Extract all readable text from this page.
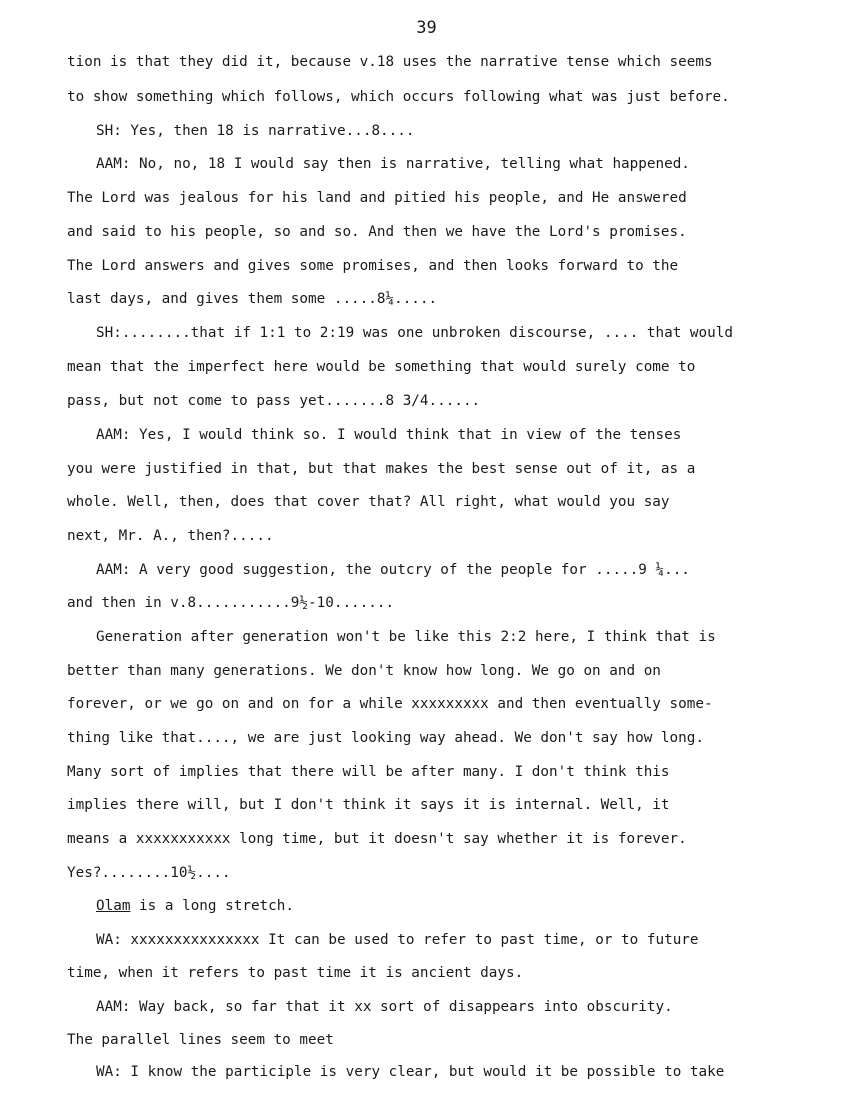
39
tion is that they did it, because v.18 uses the narrative tense which seems
to show something which follows, which occurs following what was just before.
SH: Yes, then 18 is narrative...8....
AAM: No, no, 18 I would say then is narrative, telling what happened.
The Lord was jealous for his land and pitied his people, and He answered
and said to his people, so and so. And then we have the Lord's promises.
The Lord answers and gives some promises, and then looks forward to the
last days, and gives them some .....8¼.....
SH:........that if 1:1 to 2:19 was one unbroken discourse, .... that would
mean that the imperfect here would be something that would surely come to
pass, but not come to pass yet.......8 3/4......
AAM: Yes, I would think so. I would think that in view of the tenses
you were justified in that, but that makes the best sense out of it, as a
whole. Well, then, does that cover that? All right, what would you say
next, Mr. A., then?.....
AAM: A very good suggestion, the outcry of the people for .....9 ¼...
and then in v.8...........9½-10.......
Generation after generation won't be like this 2:2 here, I think that is
better than many generations. We don't know how long. We go on and on
forever, or we go on and on for a while xxxxxxxxx and then eventually some-
thing like that...., we are just looking way ahead. We don't say how long.
Many sort of implies that there will be after many. I don't think this
implies there will, but I don't think it says it is internal. Well, it
means a xxxxxxxxxxx long time, but it doesn't say whether it is forever.
Yes?........10½....
Olam is a long stretch.
WA: xxxxxxxxxxxxxxx It can be used to refer to past time, or to future
time, when it refers to past time it is ancient days.
AAM: Way back, so far that it xx sort of disappears into obscurity.
The parallel lines seem to meet
WA: I know the participle is very clear, but would it be possible to take
